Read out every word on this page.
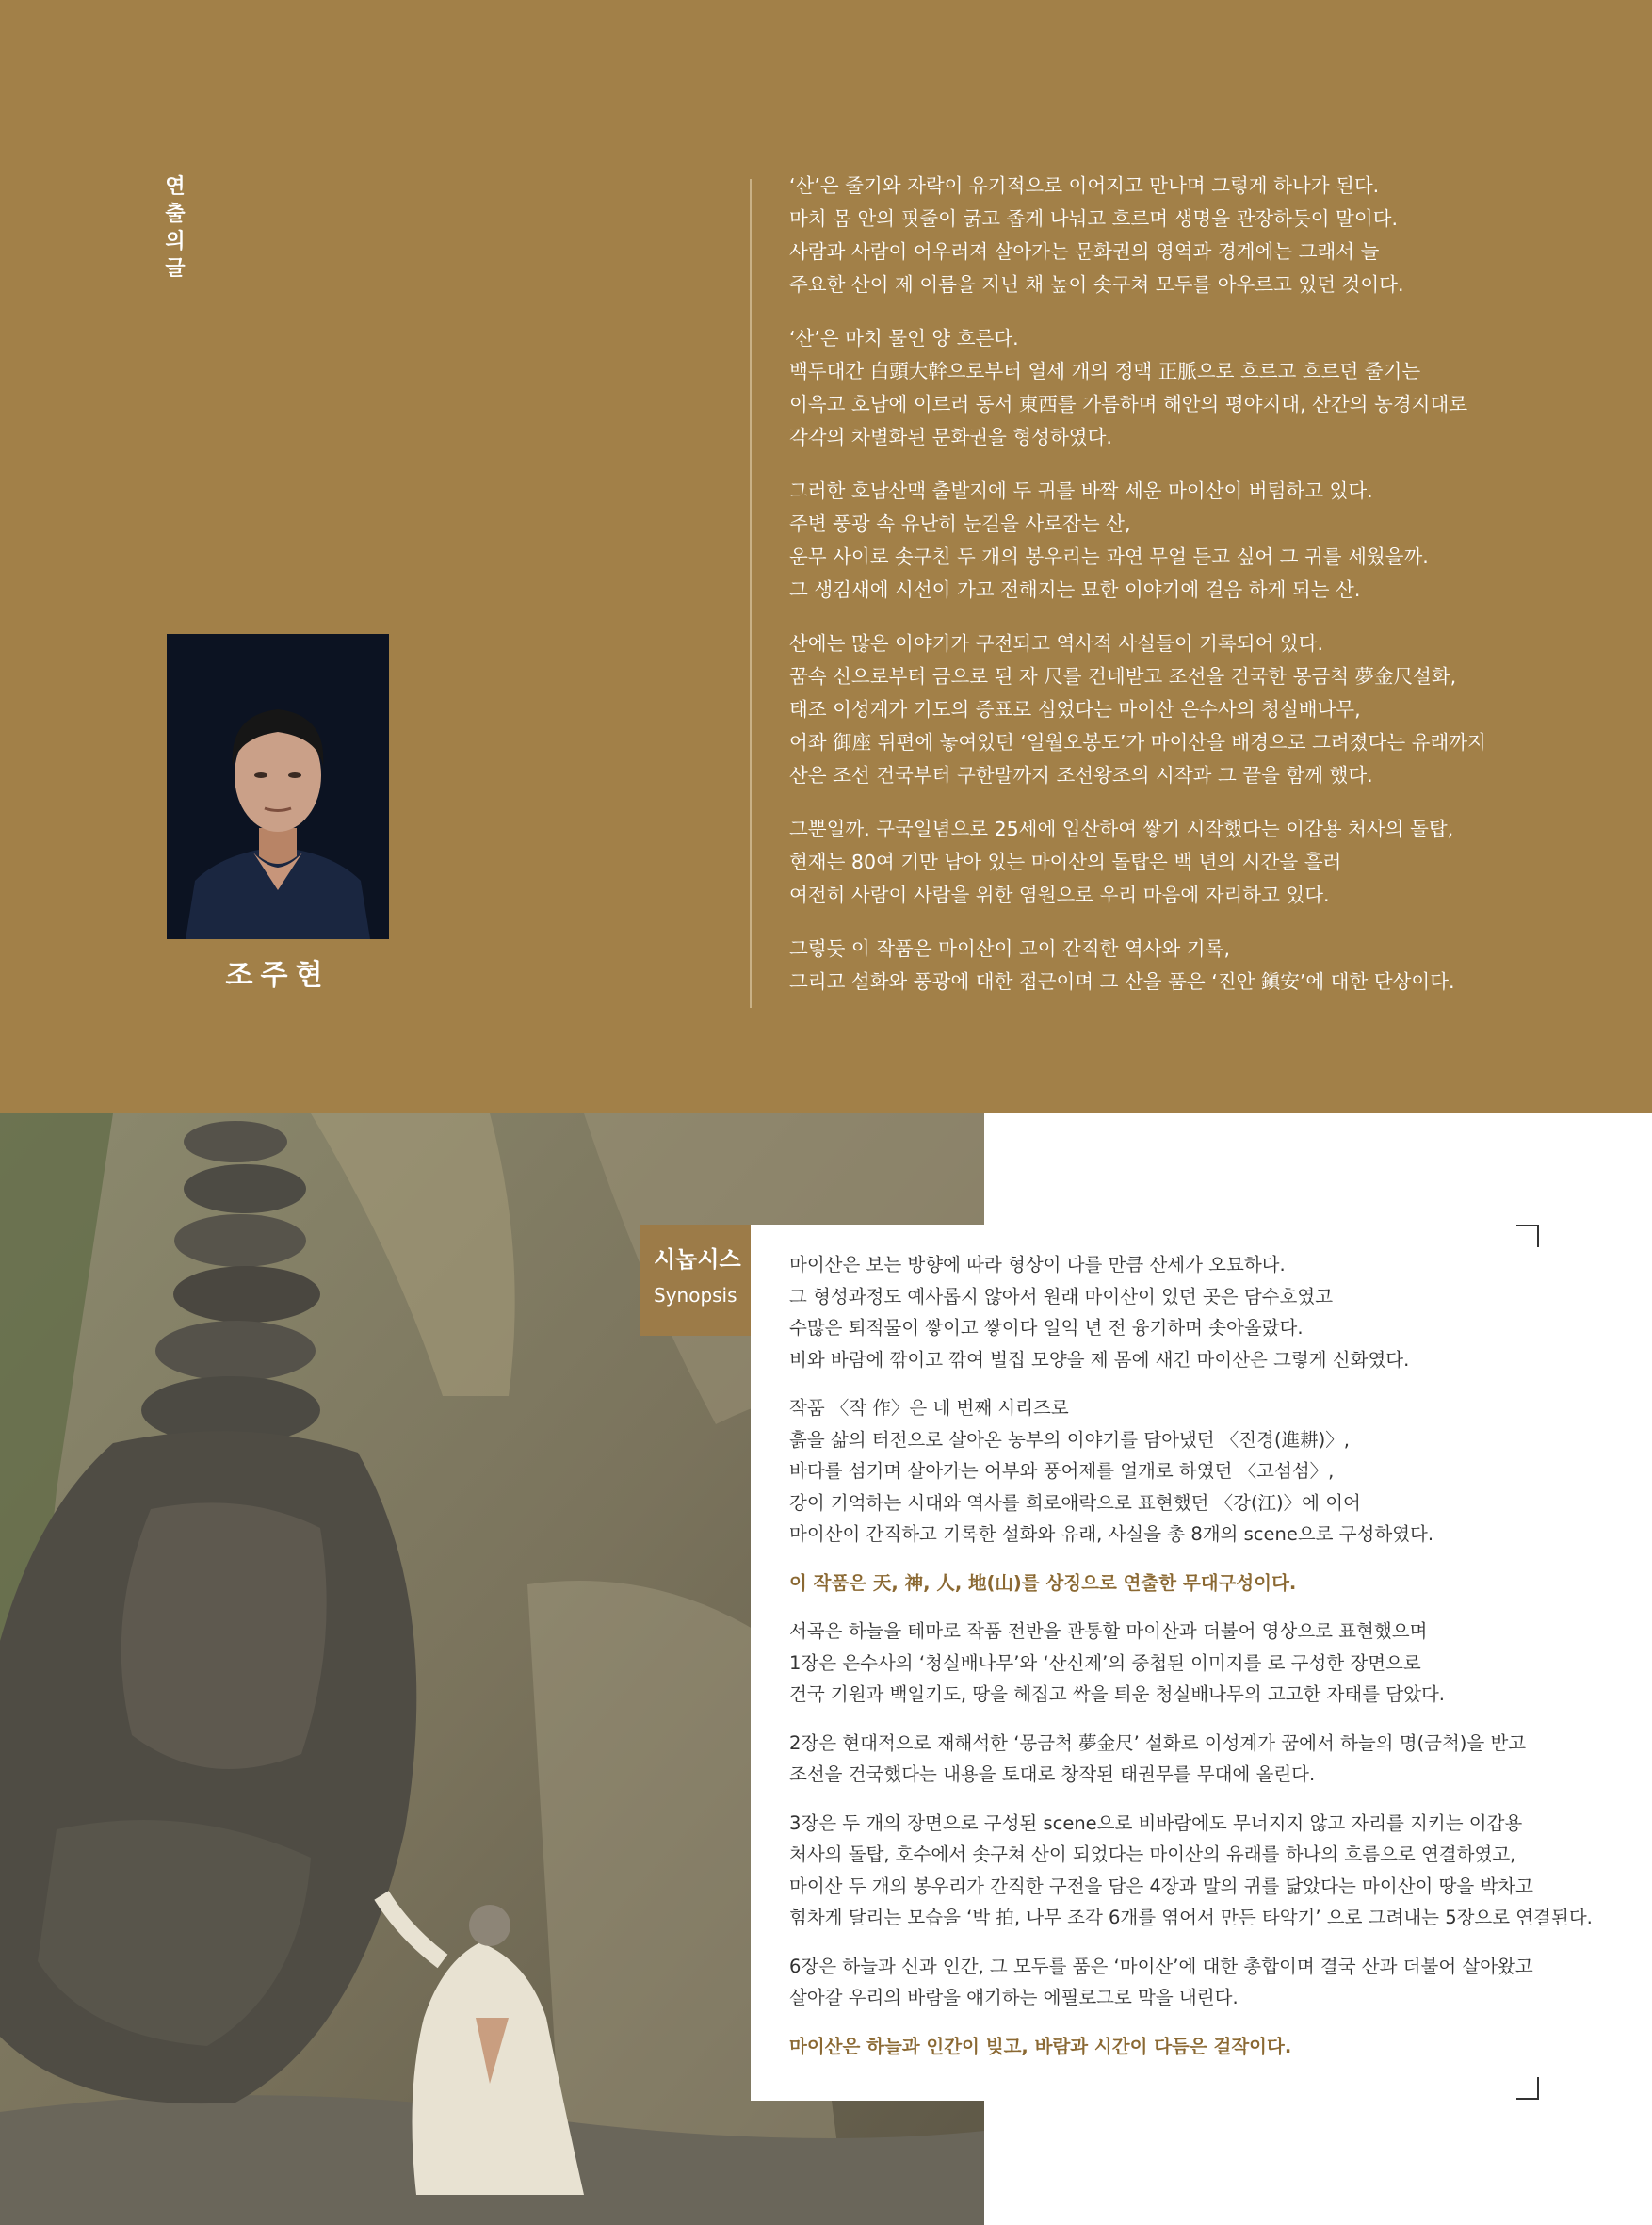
연출의글
조주현
‘산’은 줄기와 자락이 유기적으로 이어지고 만나며 그렇게 하나가 된다.
마치 몸 안의 핏줄이 굵고 좁게 나눠고 흐르며 생명을 관장하듯이 말이다.
사람과 사람이 어우러져 살아가는 문화권의 영역과 경계에는 그래서 늘
주요한 산이 제 이름을 지닌 채 높이 솟구쳐 모두를 아우르고 있던 것이다.
‘산’은 마치 물인 양 흐른다.
백두대간 白頭大幹으로부터 열세 개의 정맥 正脈으로 흐르고 흐르던 줄기는
이윽고 호남에 이르러 동서 東西를 가름하며 해안의 평야지대, 산간의 농경지대로
각각의 차별화된 문화권을 형성하였다.
그러한 호남산맥 출발지에 두 귀를 바짝 세운 마이산이 버텀하고 있다.
주변 풍광 속 유난히 눈길을 사로잡는 산,
운무 사이로 솟구친 두 개의 봉우리는 과연 무얼 듣고 싶어 그 귀를 세웠을까.
그 생김새에 시선이 가고 전해지는 묘한 이야기에 걸음 하게 되는 산.
산에는 많은 이야기가 구전되고 역사적 사실들이 기록되어 있다.
꿈속 신으로부터 금으로 된 자 尺를 건네받고 조선을 건국한 몽금척 夢金尺설화,
태조 이성계가 기도의 증표로 심었다는 마이산 은수사의 청실배나무,
어좌 御座 뒤편에 놓여있던 ‘일월오봉도’가 마이산을 배경으로 그려졌다는 유래까지
산은 조선 건국부터 구한말까지 조선왕조의 시작과 그 끝을 함께 했다.
그뿐일까. 구국일념으로 25세에 입산하여 쌓기 시작했다는 이갑용 처사의 돌탑,
현재는 80여 기만 남아 있는 마이산의 돌탑은 백 년의 시간을 흘러
여전히 사람이 사람을 위한 염원으로 우리 마음에 자리하고 있다.
그렇듯 이 작품은 마이산이 고이 간직한 역사와 기록,
그리고 설화와 풍광에 대한 접근이며 그 산을 품은 ‘진안 鎭安’에 대한 단상이다.
시놉시스
Synopsis
마이산은 보는 방향에 따라 형상이 다를 만큼 산세가 오묘하다.
그 형성과정도 예사롭지 않아서 원래 마이산이 있던 곳은 담수호였고
수많은 퇴적물이 쌓이고 쌓이다 일억 년 전 융기하며 솟아올랐다.
비와 바람에 깎이고 깎여 벌집 모양을 제 몸에 새긴 마이산은 그렇게 신화였다.
작품 〈작 作〉은 네 번째 시리즈로
흙을 삶의 터전으로 살아온 농부의 이야기를 담아냈던 〈진경(進耕)〉,
바다를 섬기며 살아가는 어부와 풍어제를 얼개로 하였던 〈고섬섬〉,
강이 기억하는 시대와 역사를 희로애락으로 표현했던 〈강(江)〉에 이어
마이산이 간직하고 기록한 설화와 유래, 사실을 총 8개의 scene으로 구성하였다.
이 작품은 天, 神, 人, 地(山)를 상징으로 연출한 무대구성이다.
서곡은 하늘을 테마로 작품 전반을 관통할 마이산과 더불어 영상으로 표현했으며
1장은 은수사의 ‘청실배나무’와 ‘산신제’의 중첩된 이미지를 로 구성한 장면으로
건국 기원과 백일기도, 땅을 헤집고 싹을 틔운 청실배나무의 고고한 자태를 담았다.
2장은 현대적으로 재해석한 ‘몽금척 夢金尺’ 설화로 이성계가 꿈에서 하늘의 명(금척)을 받고
조선을 건국했다는 내용을 토대로 창작된 태권무를 무대에 올린다.
3장은 두 개의 장면으로 구성된 scene으로 비바람에도 무너지지 않고 자리를 지키는 이갑용
처사의 돌탑, 호수에서 솟구쳐 산이 되었다는 마이산의 유래를 하나의 흐름으로 연결하였고,
마이산 두 개의 봉우리가 간직한 구전을 담은 4장과 말의 귀를 닮았다는 마이산이 땅을 박차고
힘차게 달리는 모습을 ‘박 拍, 나무 조각 6개를 엮어서 만든 타악기’ 으로 그려내는 5장으로 연결된다.
6장은 하늘과 신과 인간, 그 모두를 품은 ‘마이산’에 대한 총합이며 결국 산과 더불어 살아왔고
살아갈 우리의 바람을 얘기하는 에필로그로 막을 내린다.
마이산은 하늘과 인간이 빚고, 바람과 시간이 다듬은 걸작이다.
